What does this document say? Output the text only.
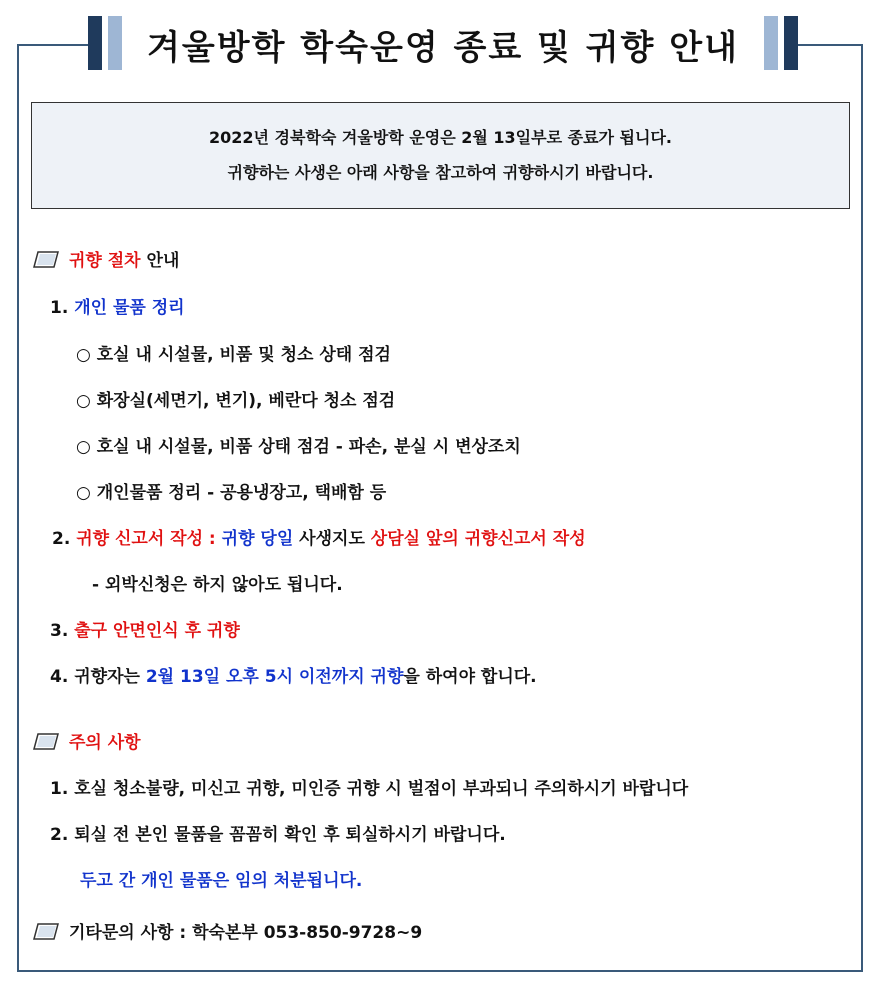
겨울방학 학숙운영 종료 및 귀향 안내
2022년 경북학숙 겨울방학 운영은 2월 13일부로 종료가 됩니다.
귀향하는 사생은 아래 사항을 참고하여 귀향하시기 바랍니다.
귀향 절차 안내
1. 개인 물품 정리
○ 호실 내 시설물, 비품 및 청소 상태 점검
○ 화장실(세면기, 변기), 베란다 청소 점검
○ 호실 내 시설물, 비품 상태 점검 - 파손, 분실 시 변상조치
○ 개인물품 정리 - 공용냉장고, 택배함 등
2. 귀향 신고서 작성 : 귀향 당일 사생지도 상담실 앞의 귀향신고서 작성
- 외박신청은 하지 않아도 됩니다.
3. 출구 안면인식 후 귀향
4. 귀향자는 2월 13일 오후 5시 이전까지 귀향을 하여야 합니다.
주의 사항
1. 호실 청소불량, 미신고 귀향, 미인증 귀향 시 벌점이 부과되니 주의하시기 바랍니다
2. 퇴실 전 본인 물품을 꼼꼼히 확인 후 퇴실하시기 바랍니다.
두고 간 개인 물품은 임의 처분됩니다.
기타문의 사항 : 학숙본부 053-850-9728~9
